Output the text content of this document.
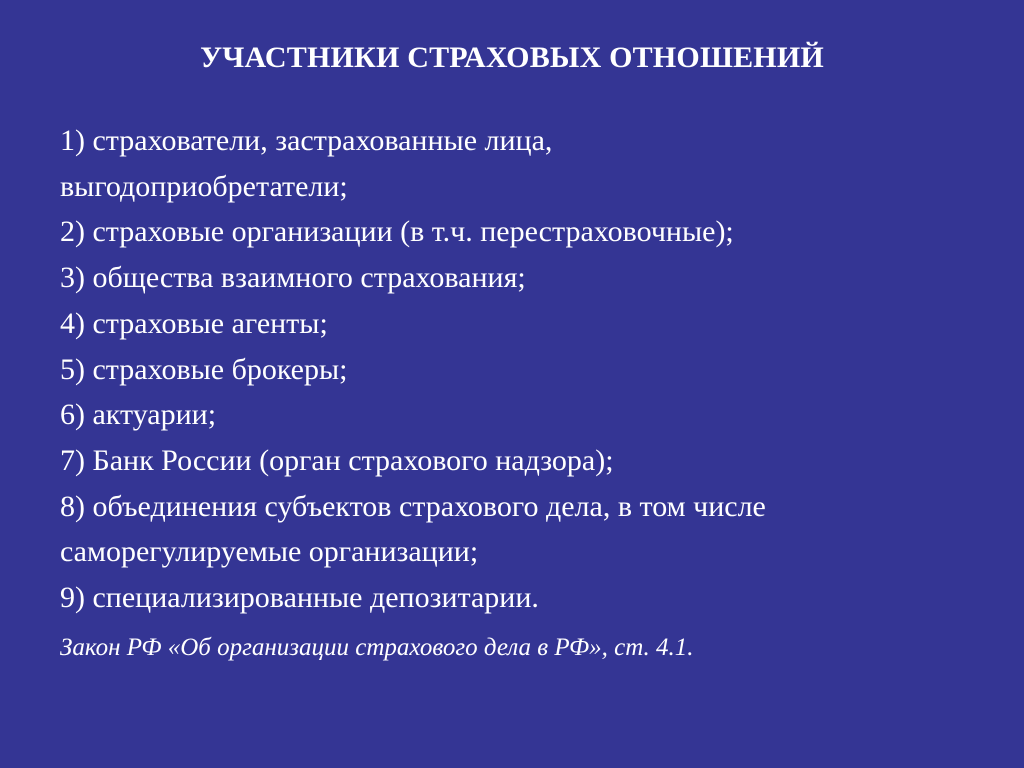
УЧАСТНИКИ СТРАХОВЫХ ОТНОШЕНИЙ
1) страхователи, застрахованные лица,
выгодоприобретатели;
2) страховые организации (в т.ч. перестраховочные);
3) общества взаимного страхования;
4) страховые агенты;
5) страховые брокеры;
6) актуарии;
7) Банк России (орган страхового надзора);
8) объединения субъектов страхового дела, в том числе
саморегулируемые организации;
9) специализированные депозитарии.

Закон РФ «Об организации страхового дела в РФ», ст. 4.1.
